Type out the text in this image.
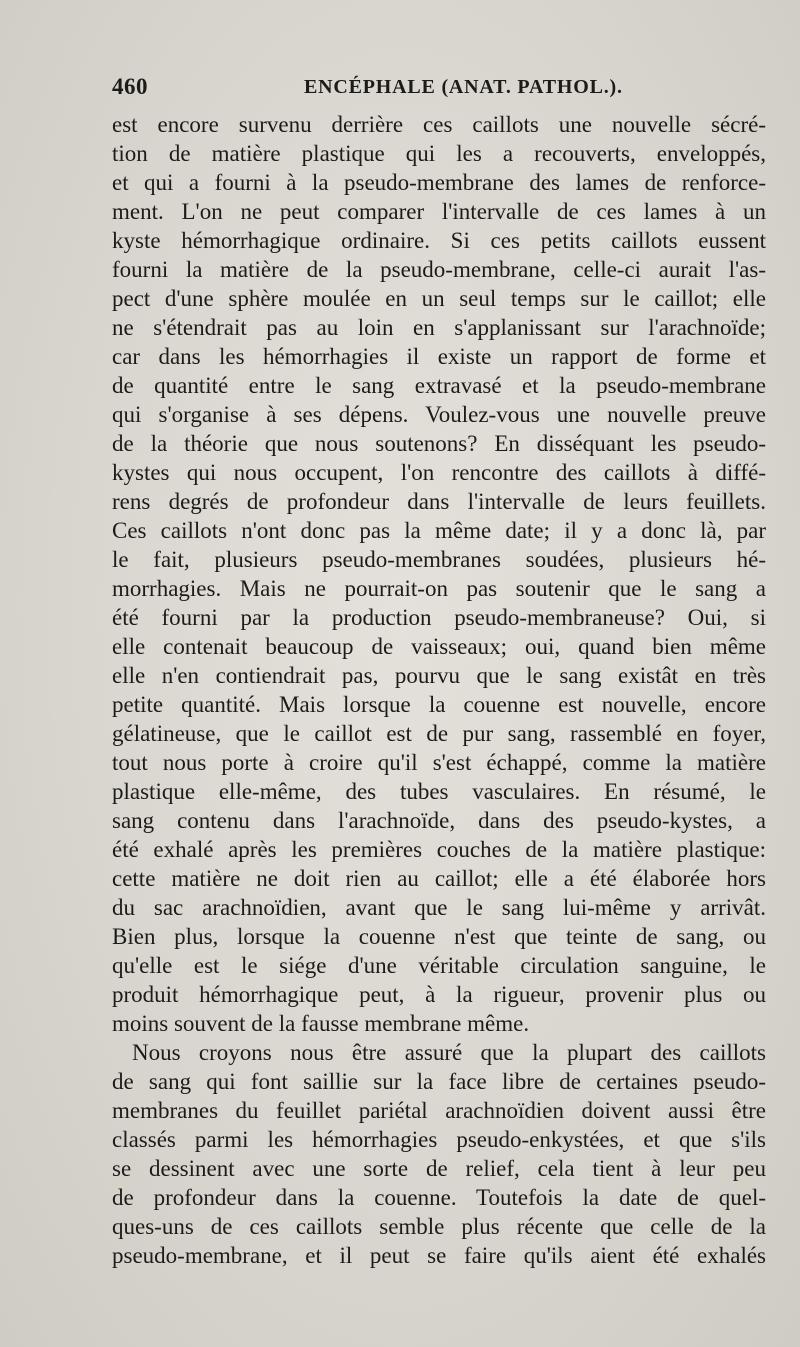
460	ENCÉPHALE (ANAT. PATHOL.).
est encore survenu derrière ces caillots une nouvelle sécré-
tion de matière plastique qui les a recouverts, enveloppés,
et qui a fourni à la pseudo-membrane des lames de renforce-
ment. L'on ne peut comparer l'intervalle de ces lames à un
kyste hémorrhagique ordinaire. Si ces petits caillots eussent
fourni la matière de la pseudo-membrane, celle-ci aurait l'as-
pect d'une sphère moulée en un seul temps sur le caillot; elle
ne s'étendrait pas au loin en s'applanissant sur l'arachnoïde;
car dans les hémorrhagies il existe un rapport de forme et
de quantité entre le sang extravasé et la pseudo-membrane
qui s'organise à ses dépens. Voulez-vous une nouvelle preuve
de la théorie que nous soutenons? En disséquant les pseudo-
kystes qui nous occupent, l'on rencontre des caillots à diffé-
rens degrés de profondeur dans l'intervalle de leurs feuillets.
Ces caillots n'ont donc pas la même date; il y a donc là, par
le fait, plusieurs pseudo-membranes soudées, plusieurs hé-
morrhagies. Mais ne pourrait-on pas soutenir que le sang a
été fourni par la production pseudo-membraneuse? Oui, si
elle contenait beaucoup de vaisseaux; oui, quand bien même
elle n'en contiendrait pas, pourvu que le sang existât en très
petite quantité. Mais lorsque la couenne est nouvelle, encore
gélatineuse, que le caillot est de pur sang, rassemblé en foyer,
tout nous porte à croire qu'il s'est échappé, comme la matière
plastique elle-même, des tubes vasculaires. En résumé, le
sang contenu dans l'arachnoïde, dans des pseudo-kystes, a
été exhalé après les premières couches de la matière plastique:
cette matière ne doit rien au caillot; elle a été élaborée hors
du sac arachnoïdien, avant que le sang lui-même y arrivât.
Bien plus, lorsque la couenne n'est que teinte de sang, ou
qu'elle est le siége d'une véritable circulation sanguine, le
produit hémorrhagique peut, à la rigueur, provenir plus ou
moins souvent de la fausse membrane même.
Nous croyons nous être assuré que la plupart des caillots
de sang qui font saillie sur la face libre de certaines pseudo-
membranes du feuillet pariétal arachnoïdien doivent aussi être
classés parmi les hémorrhagies pseudo-enkystées, et que s'ils
se dessinent avec une sorte de relief, cela tient à leur peu
de profondeur dans la couenne. Toutefois la date de quel-
ques-uns de ces caillots semble plus récente que celle de la
pseudo-membrane, et il peut se faire qu'ils aient été exhalés
